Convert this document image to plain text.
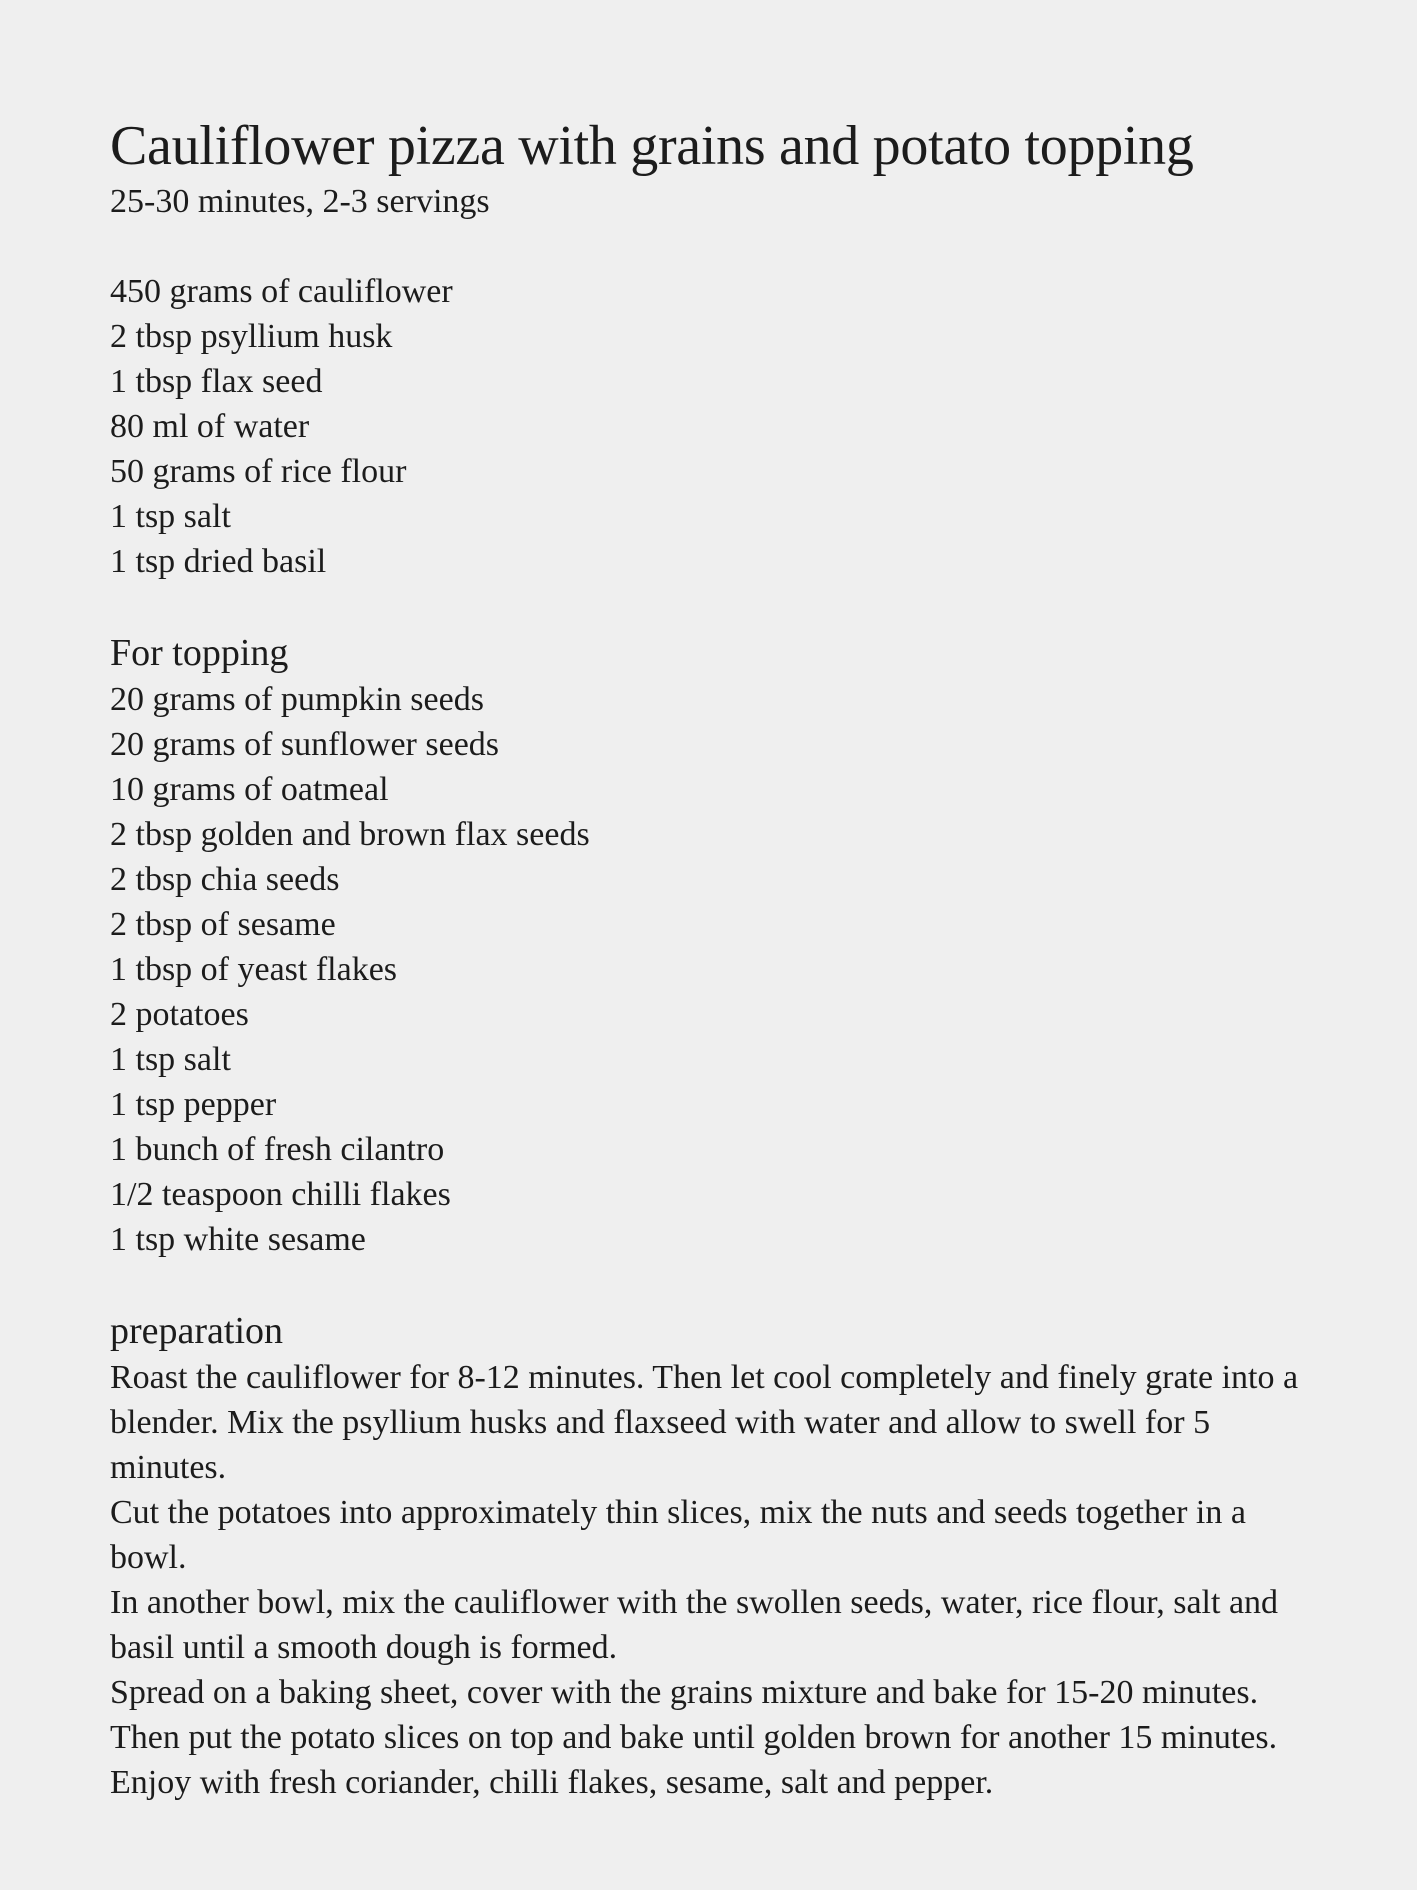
Cauliflower pizza with grains and potato topping

25-30 minutes, 2-3 servings

450 grams of cauliflower
2 tbsp psyllium husk
1 tbsp flax seed
80 ml of water
50 grams of rice flour
1 tsp salt
1 tsp dried basil
For topping
20 grams of pumpkin seeds
20 grams of sunflower seeds
10 grams of oatmeal
2 tbsp golden and brown flax seeds
2 tbsp chia seeds
2 tbsp of sesame
1 tbsp of yeast flakes
2 potatoes
1 tsp salt
1 tsp pepper
1 bunch of fresh cilantro
1/2 teaspoon chilli flakes
1 tsp white sesame
preparation

Roast the cauliflower for 8-12 minutes. Then let cool completely and finely grate into a blender. Mix the psyllium husks and flaxseed with water and allow to swell for 5 minutes.

Cut the potatoes into approximately thin slices, mix the nuts and seeds together in a bowl.

In another bowl, mix the cauliflower with the swollen seeds, water, rice flour, salt and basil until a smooth dough is formed.

Spread on a baking sheet, cover with the grains mixture and bake for 15-20 minutes. Then put the potato slices on top and bake until golden brown for another 15 minutes.

Enjoy with fresh coriander, chilli flakes, sesame, salt and pepper.
